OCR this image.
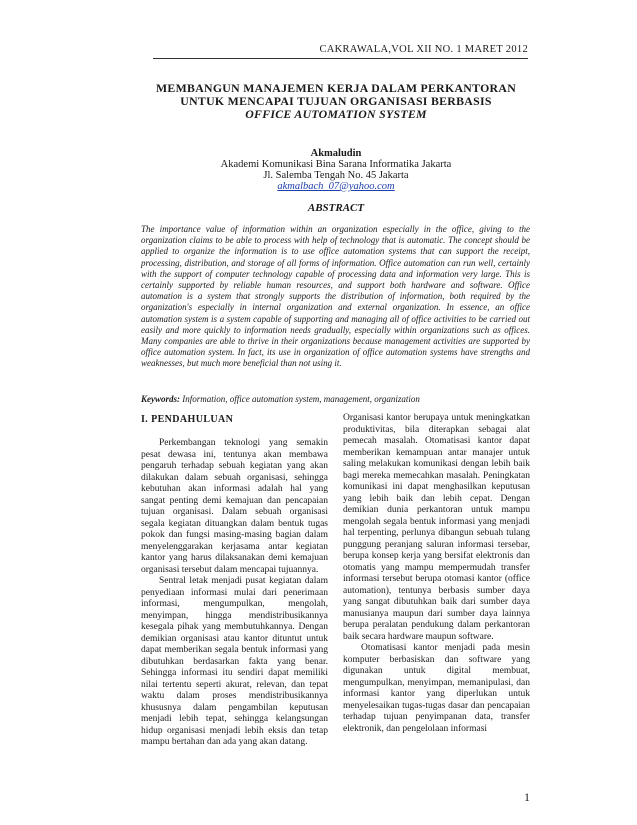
CAKRAWALA,VOL XII NO. 1 MARET 2012
MEMBANGUN MANAJEMEN KERJA DALAM PERKANTORAN
UNTUK MENCAPAI TUJUAN ORGANISASI BERBASIS
OFFICE AUTOMATION SYSTEM
Akmaludin
Akademi Komunikasi Bina Sarana Informatika Jakarta
Jl. Salemba Tengah No. 45 Jakarta
akmalbach_07@yahoo.com
ABSTRACT
The importance value of information within an organization especially in the office, giving to the organization claims to be able to process with help of technology that is automatic. The concept should be applied to organize the information is to use office automation systems that can support the receipt, processing, distribution, and storage of all forms of information. Office automation can run well, certainly with the support of computer technology capable of processing data and information very large. This is certainly supported by reliable human resources, and support both hardware and software. Office automation is a system that strongly supports the distribution of information, both required by the organization's especially in internal organization and external organization. In essence, an office automation system is a system capable of supporting and managing all of office activities to be carried out easily and more quickly to information needs gradually, especially within organizations such as offices. Many companies are able to thrive in their organizations because management activities are supported by office automation system. In fact, its use in organization of office automation systems have strengths and weaknesses, but much more beneficial than not using it.
Keywords: Information, office automation system, management, organization
I. PENDAHULUAN

Perkembangan teknologi yang semakin pesat dewasa ini, tentunya akan membawa pengaruh terhadap sebuah kegiatan yang akan dilakukan dalam sebuah organisasi, sehingga kebutuhan akan informasi adalah hal yang sangat penting demi kemajuan dan pencapaian tujuan organisasi. Dalam sebuah organisasi segala kegiatan dituangkan dalam bentuk tugas pokok dan fungsi masing-masing bagian dalam menyelenggarakan kerjasama antar kegiatan kantor yang harus dilaksanakan demi kemajuan organisasi tersebut dalam mencapai tujuannya.

Sentral letak menjadi pusat kegiatan dalam penyediaan informasi mulai dari penerimaan informasi, mengumpulkan, mengolah, menyimpan, hingga mendistribusikannya kesegala pihak yang membutuhkannya. Dengan demikian organisasi atau kantor dituntut untuk dapat memberikan segala bentuk informasi yang dibutuhkan berdasarkan fakta yang benar. Sehingga informasi itu sendiri dapat memiliki nilai tertentu seperti akurat, relevan, dan tepat waktu dalam proses mendistribusikannya khususnya dalam pengambilan keputusan menjadi lebih tepat, sehingga kelangsungan hidup organisasi menjadi lebih eksis dan tetap mampu bertahan dan ada yang akan datang.

Organisasi kantor berupaya untuk meningkatkan produktivitas, bila diterapkan sebagai alat pemecah masalah. Otomatisasi kantor dapat memberikan kemampuan antar manajer untuk saling melakukan komunikasi dengan lebih baik bagi mereka memecahkan masalah. Peningkatan komunikasi ini dapat menghasilkan keputusan yang lebih baik dan lebih cepat. Dengan demikian dunia perkantoran untuk mampu mengolah segala bentuk informasi yang menjadi hal terpenting, perlunya dibangun sebuah tulang punggung peranjang saluran informasi tersebar, berupa konsep kerja yang bersifat elektronis dan otomatis yang mampu mempermudah transfer informasi tersebut berupa otomasi kantor (office automation), tentunya berbasis sumber daya yang sangat dibutuhkan baik dari sumber daya manusianya maupun dari sumber daya lainnya berupa peralatan pendukung dalam perkantoran baik secara hardware maupun software.

Otomatisasi kantor menjadi pada mesin komputer berbasiskan dan software yang digunakan untuk digital membuat, mengumpulkan, menyimpan, memanipulasi, dan informasi kantor yang diperlukan untuk menyelesaikan tugas-tugas dasar dan pencapaian terhadap tujuan penyimpanan data, transfer elektronik, dan pengelolaan informasi

1
